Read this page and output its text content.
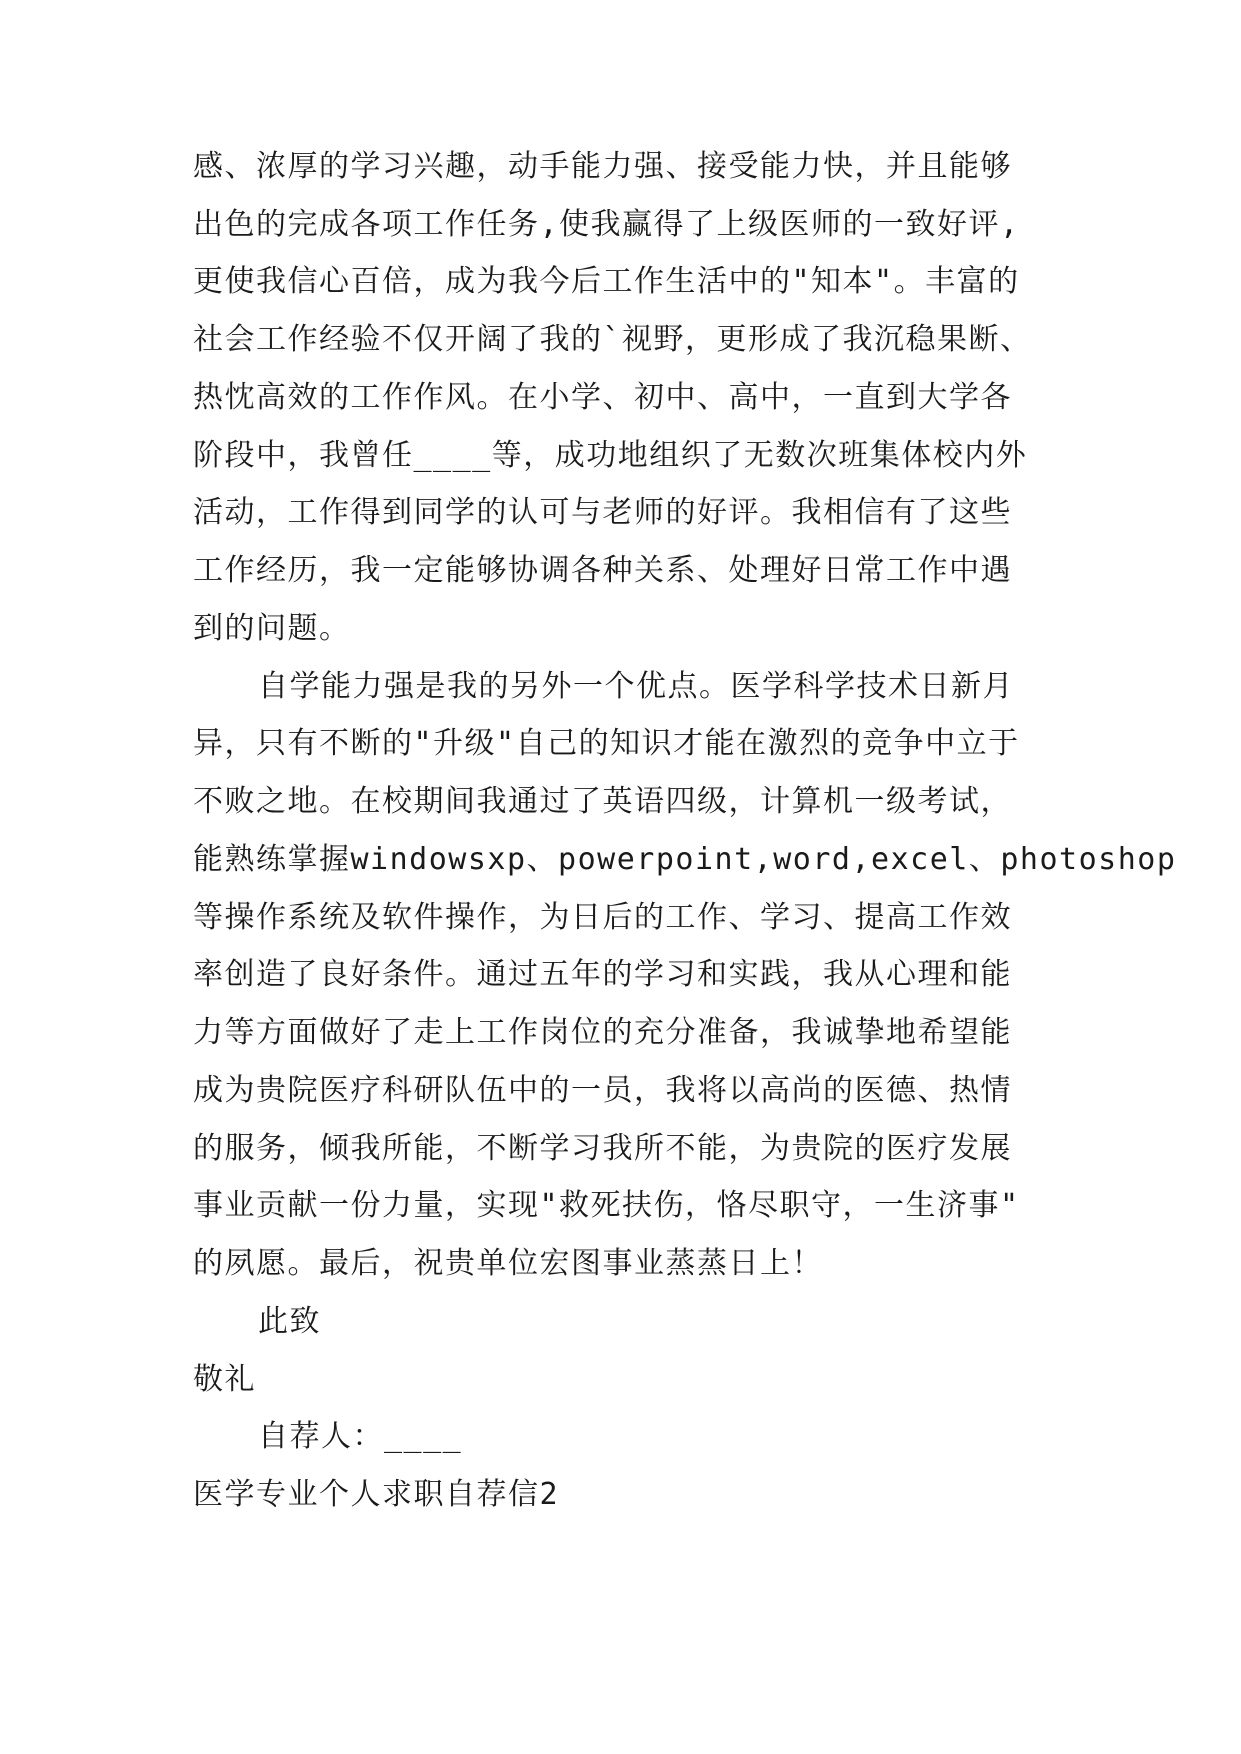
感、浓厚的学习兴趣，动手能力强、接受能力快，并且能够
出色的完成各项工作任务,使我赢得了上级医师的一致好评,
更使我信心百倍，成为我今后工作生活中的"知本"。丰富的
社会工作经验不仅开阔了我的`视野，更形成了我沉稳果断、
热忱高效的工作作风。在小学、初中、高中，一直到大学各
阶段中，我曾任____等，成功地组织了无数次班集体校内外
活动，工作得到同学的认可与老师的好评。我相信有了这些
工作经历，我一定能够协调各种关系、处理好日常工作中遇
到的问题。
自学能力强是我的另外一个优点。医学科学技术日新月
异，只有不断的"升级"自己的知识才能在激烈的竞争中立于
不败之地。在校期间我通过了英语四级，计算机一级考试，
能熟练掌握windowsxp、powerpoint,word,excel、photoshop
等操作系统及软件操作，为日后的工作、学习、提高工作效
率创造了良好条件。通过五年的学习和实践，我从心理和能
力等方面做好了走上工作岗位的充分准备，我诚挚地希望能
成为贵院医疗科研队伍中的一员，我将以高尚的医德、热情
的服务，倾我所能，不断学习我所不能，为贵院的医疗发展
事业贡献一份力量，实现"救死扶伤，恪尽职守，一生济事"
的夙愿。最后，祝贵单位宏图事业蒸蒸日上！
此致
敬礼
自荐人：____
医学专业个人求职自荐信2
